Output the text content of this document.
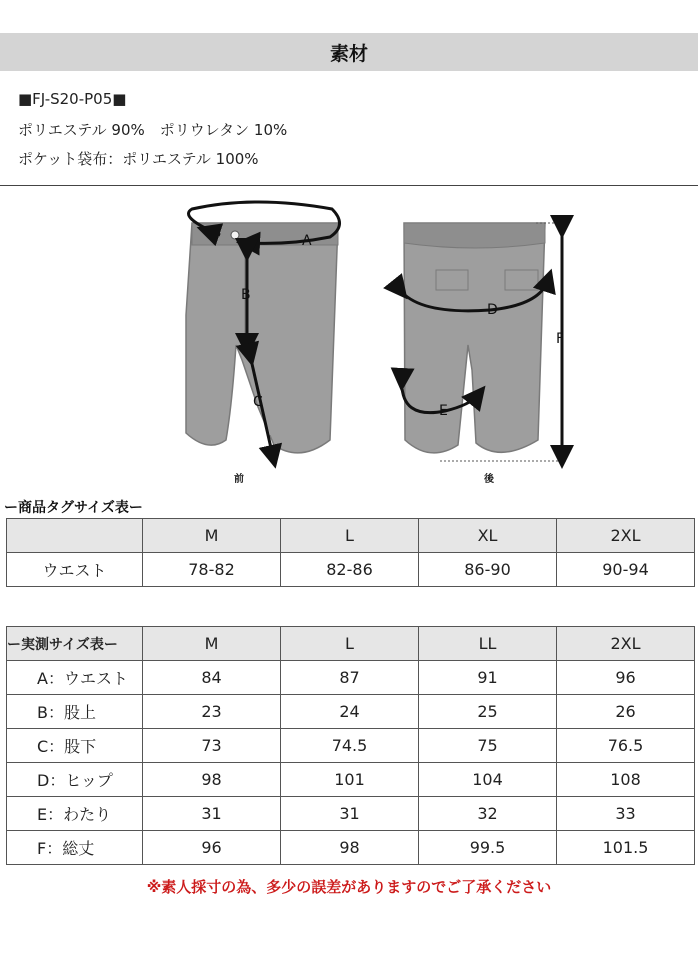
素材
■FJ-S20-P05■
ポリエステル 90%　ポリウレタン 10%
ポケット袋布：ポリエステル 100%
A
B
C
D
E
F
前	後
ー商品タグサイズ表ー
	M	L	XL	2XL
ウエスト	78-82	82-86	86-90	90-94
ー実測サイズ表ー	M	L	LL	2XL
A：ウエスト	84	87	91	96
B：股上	23	24	25	26
C：股下	73	74.5	75	76.5
D：ヒップ	98	101	104	108
E：わたり	31	31	32	33
F：総丈	96	98	99.5	101.5
※素人採寸の為、多少の誤差がありますのでご了承ください
